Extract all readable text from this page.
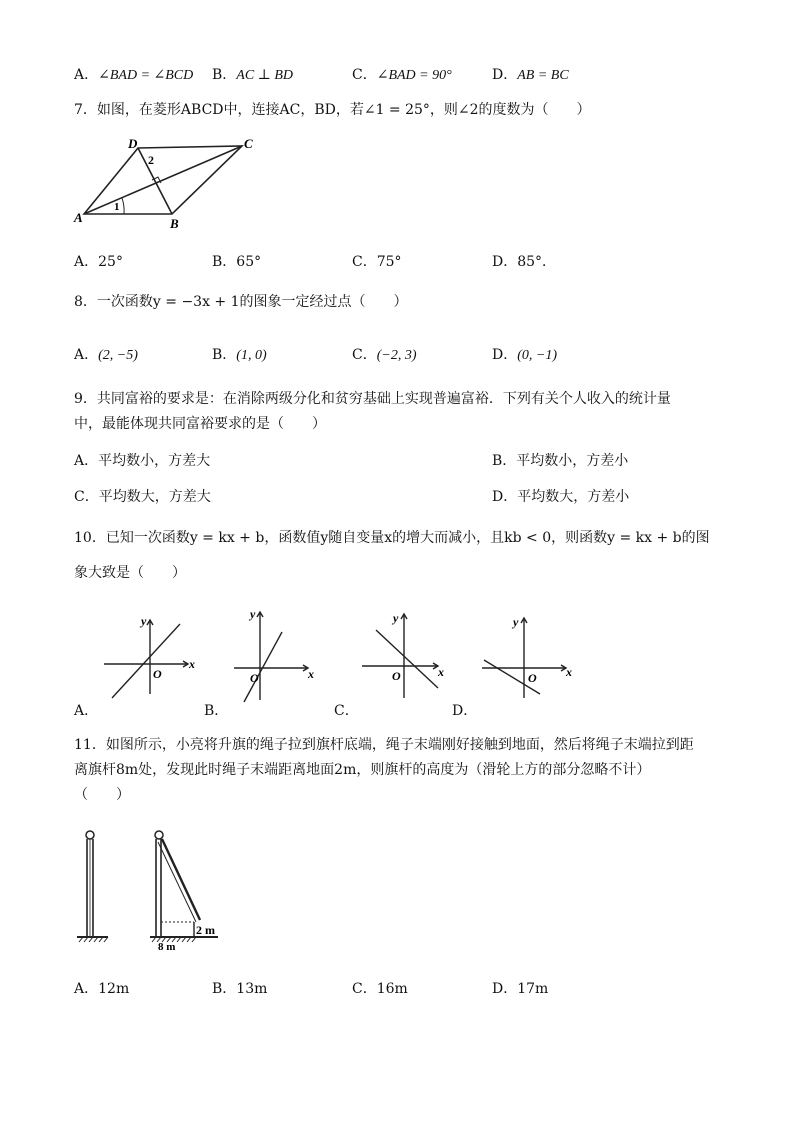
A．∠BAD = ∠BCD B．AC ⊥ BD	C．∠BAD = 90°	D．AB = BC
7．如图，在菱形ABCD中，连接AC，BD，若∠1 = 25°，则∠2的度数为（　　）
A	B
C
D
2
1
A．25°	B．65°	C．75°	D．85°．
8．一次函数y = −3x + 1的图象一定经过点（　　）
A．(2, −5)	B．(1, 0)	C．(−2, 3)	D．(0, −1)
9．共同富裕的要求是：在消除两级分化和贫穷基础上实现普遍富裕．下列有关个人收入的统计量
中，最能体现共同富裕要求的是（　　）
A．平均数小，方差大	B．平均数小，方差小
C．平均数大，方差大	D．平均数大，方差小
10．已知一次函数y = kx + b，函数值y随自变量x的增大而减小，且kb < 0，则函数y = kx + b的图
象大致是（　　）
x
y
O	x
y
O	x
y
O	x
y
O
A．	B．	C．	D．
11．如图所示，小亮将升旗的绳子拉到旗杆底端，绳子末端刚好接触到地面，然后将绳子末端拉到距
离旗杆8m处，发现此时绳子末端距离地面2m，则旗杆的高度为（滑轮上方的部分忽略不计）
（　　）
2 m
8 m
A．12m	B．13m	C．16m	D．17m
